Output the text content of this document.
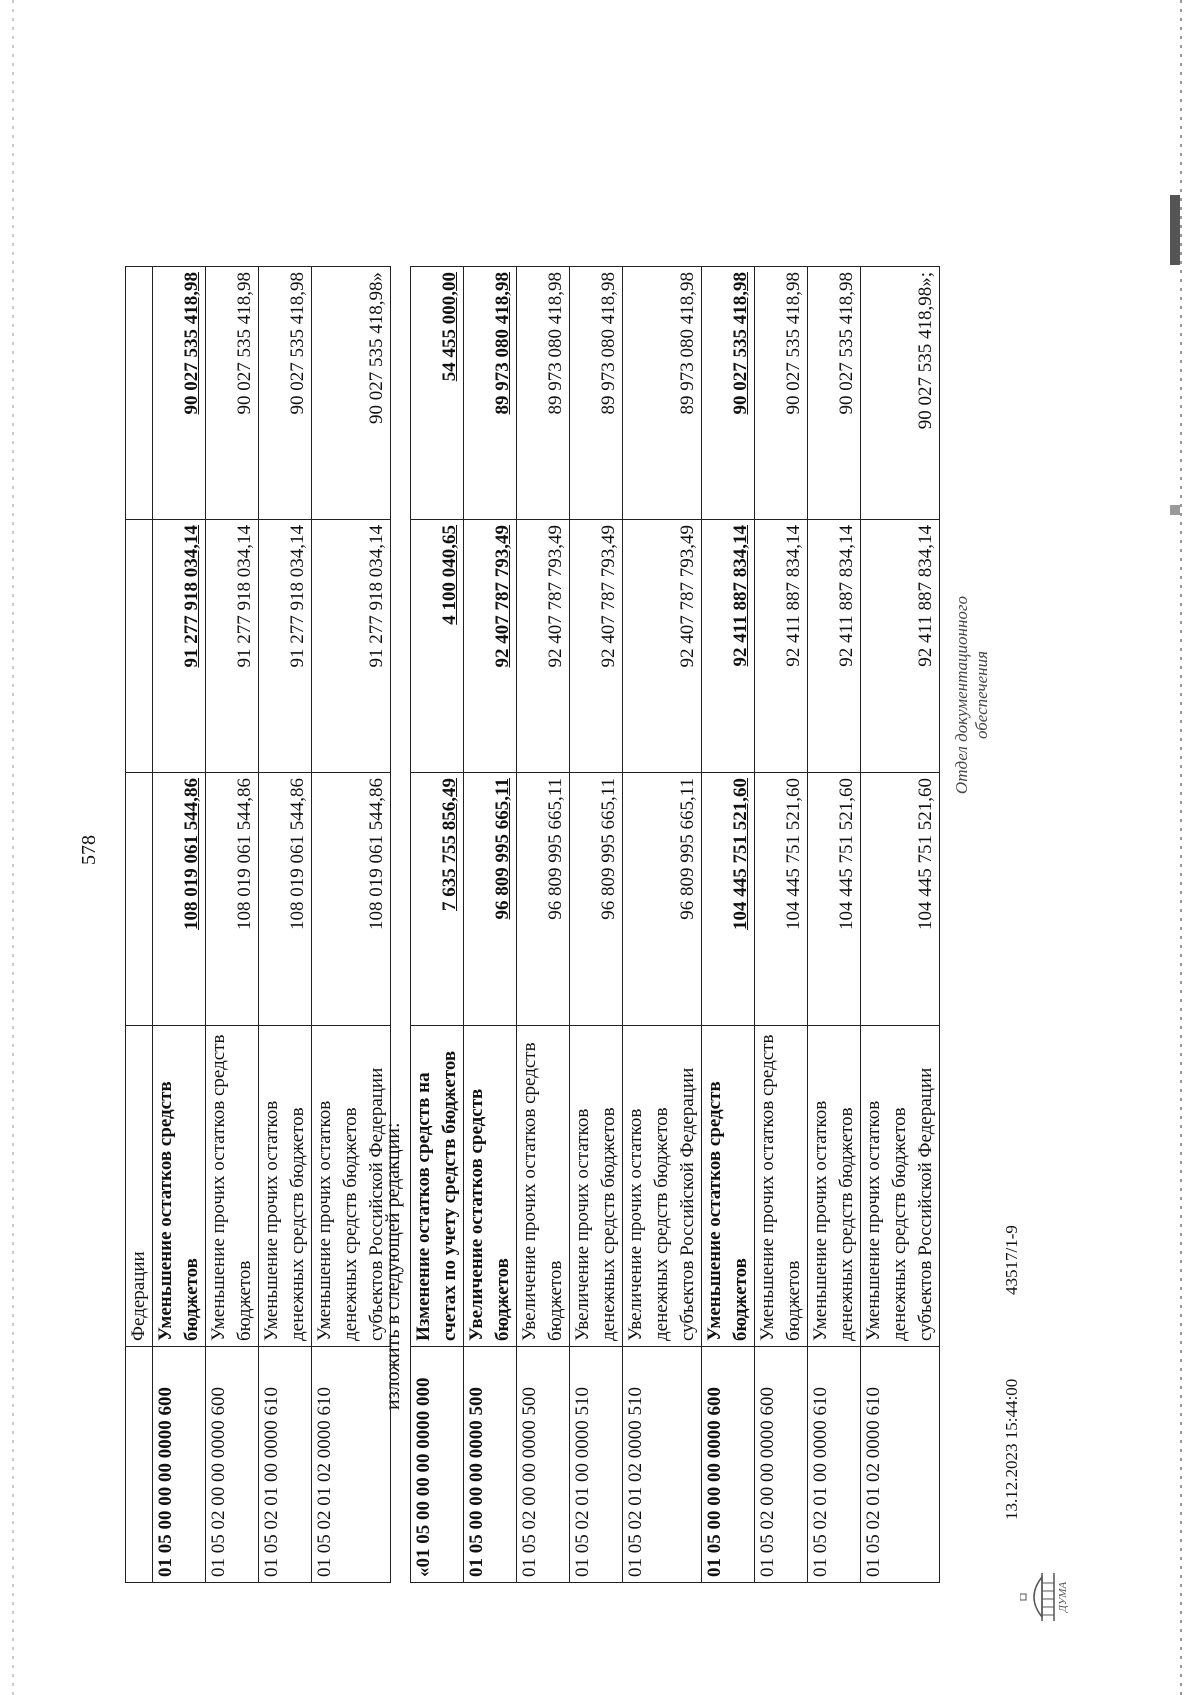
578
	Федерации			
01 05 00 00 00 0000 600	Уменьшение остатков средств бюджетов	108 019 061 544,86	91 277 918 034,14	90 027 535 418,98
01 05 02 00 00 0000 600	Уменьшение прочих остатков средств бюджетов	108 019 061 544,86	91 277 918 034,14	90 027 535 418,98
01 05 02 01 00 0000 610	Уменьшение прочих остатков денежных средств бюджетов	108 019 061 544,86	91 277 918 034,14	90 027 535 418,98
01 05 02 01 02 0000 610	Уменьшение прочих остатков денежных средств бюджетов субъектов Российской Федерации	108 019 061 544,86	91 277 918 034,14	90 027 535 418,98»
изложить в следующей редакции:
«01 05 00 00 00 0000 000	Изменение остатков средств на счетах по учету средств бюджетов	7 635 755 856,49	4 100 040,65	54 455 000,00
01 05 00 00 00 0000 500	Увеличение остатков средств бюджетов	96 809 995 665,11	92 407 787 793,49	89 973 080 418,98
01 05 02 00 00 0000 500	Увеличение прочих остатков средств бюджетов	96 809 995 665,11	92 407 787 793,49	89 973 080 418,98
01 05 02 01 00 0000 510	Увеличение прочих остатков денежных средств бюджетов	96 809 995 665,11	92 407 787 793,49	89 973 080 418,98
01 05 02 01 02 0000 510	Увеличение прочих остатков денежных средств бюджетов субъектов Российской Федерации	96 809 995 665,11	92 407 787 793,49	89 973 080 418,98
01 05 00 00 00 0000 600	Уменьшение остатков средств бюджетов	104 445 751 521,60	92 411 887 834,14	90 027 535 418,98
01 05 02 00 00 0000 600	Уменьшение прочих остатков средств бюджетов	104 445 751 521,60	92 411 887 834,14	90 027 535 418,98
01 05 02 01 00 0000 610	Уменьшение прочих остатков денежных средств бюджетов	104 445 751 521,60	92 411 887 834,14	90 027 535 418,98
01 05 02 01 02 0000 610	Уменьшение прочих остатков денежных средств бюджетов субъектов Российской Федерации	104 445 751 521,60	92 411 887 834,14	90 027 535 418,98»;
ДУМА
13.12.2023 15:44:00
43517/1-9
Отдел документационного обеспечения
